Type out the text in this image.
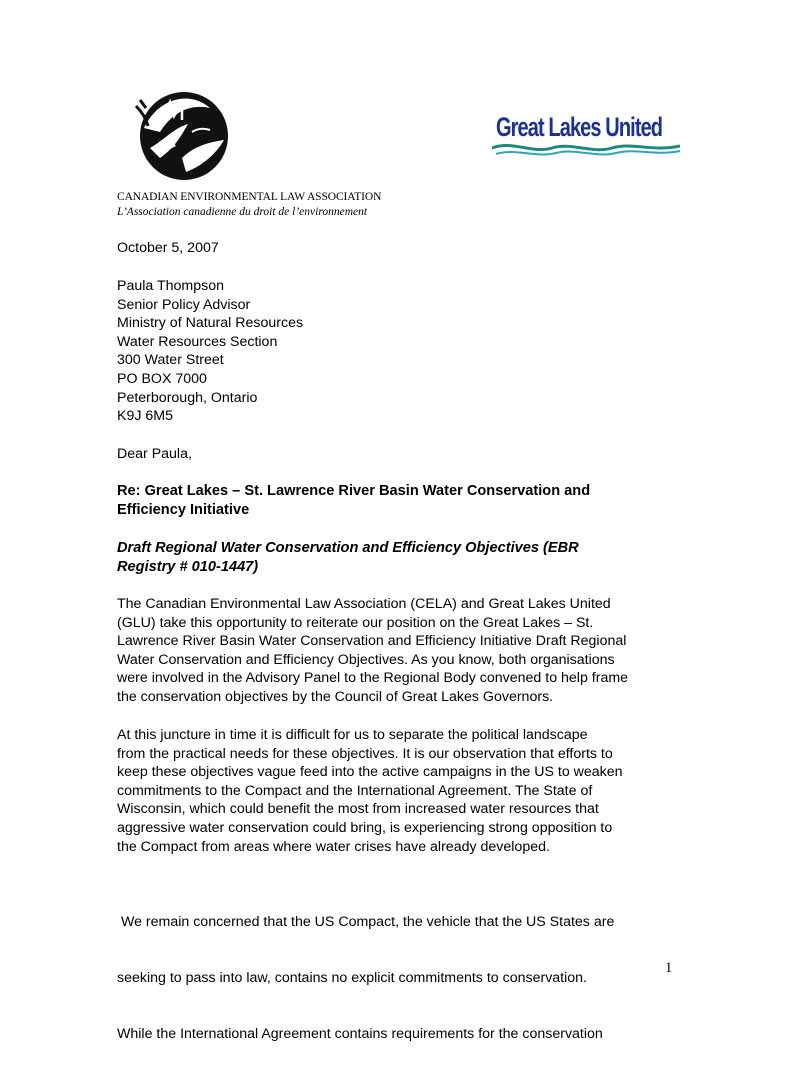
Great Lakes United
CANADIAN ENVIRONMENTAL LAW ASSOCIATION
L’Association canadienne du droit de l’environnement
October 5, 2007
Paula Thompson
Senior Policy Advisor
Ministry of Natural Resources
Water Resources Section
300 Water Street
PO BOX 7000
Peterborough, Ontario
K9J 6M5
Dear Paula,
Re: Great Lakes – St. Lawrence River Basin Water Conservation and
Efficiency Initiative
Draft Regional Water Conservation and Efficiency Objectives (EBR
Registry # 010-1447)
The Canadian Environmental Law Association (CELA) and Great Lakes United
(GLU) take this opportunity to reiterate our position on the Great Lakes – St.
Lawrence River Basin Water Conservation and Efficiency Initiative Draft Regional
Water Conservation and Efficiency Objectives. As you know, both organisations
were involved in the Advisory Panel to the Regional Body convened to help frame
the conservation objectives by the Council of Great Lakes Governors.
At this juncture in time it is difficult for us to separate the political landscape
from the practical needs for these objectives. It is our observation that efforts to
keep these objectives vague feed into the active campaigns in the US to weaken
commitments to the Compact and the International Agreement. The State of
Wisconsin, which could benefit the most from increased water resources that
aggressive water conservation could bring, is experiencing strong opposition to
the Compact from areas where water crises have already developed.

We remain concerned that the US Compact, the vehicle that the US States are

seeking to pass into law, contains no explicit commitments to conservation.

While the International Agreement contains requirements for the conservation

1
